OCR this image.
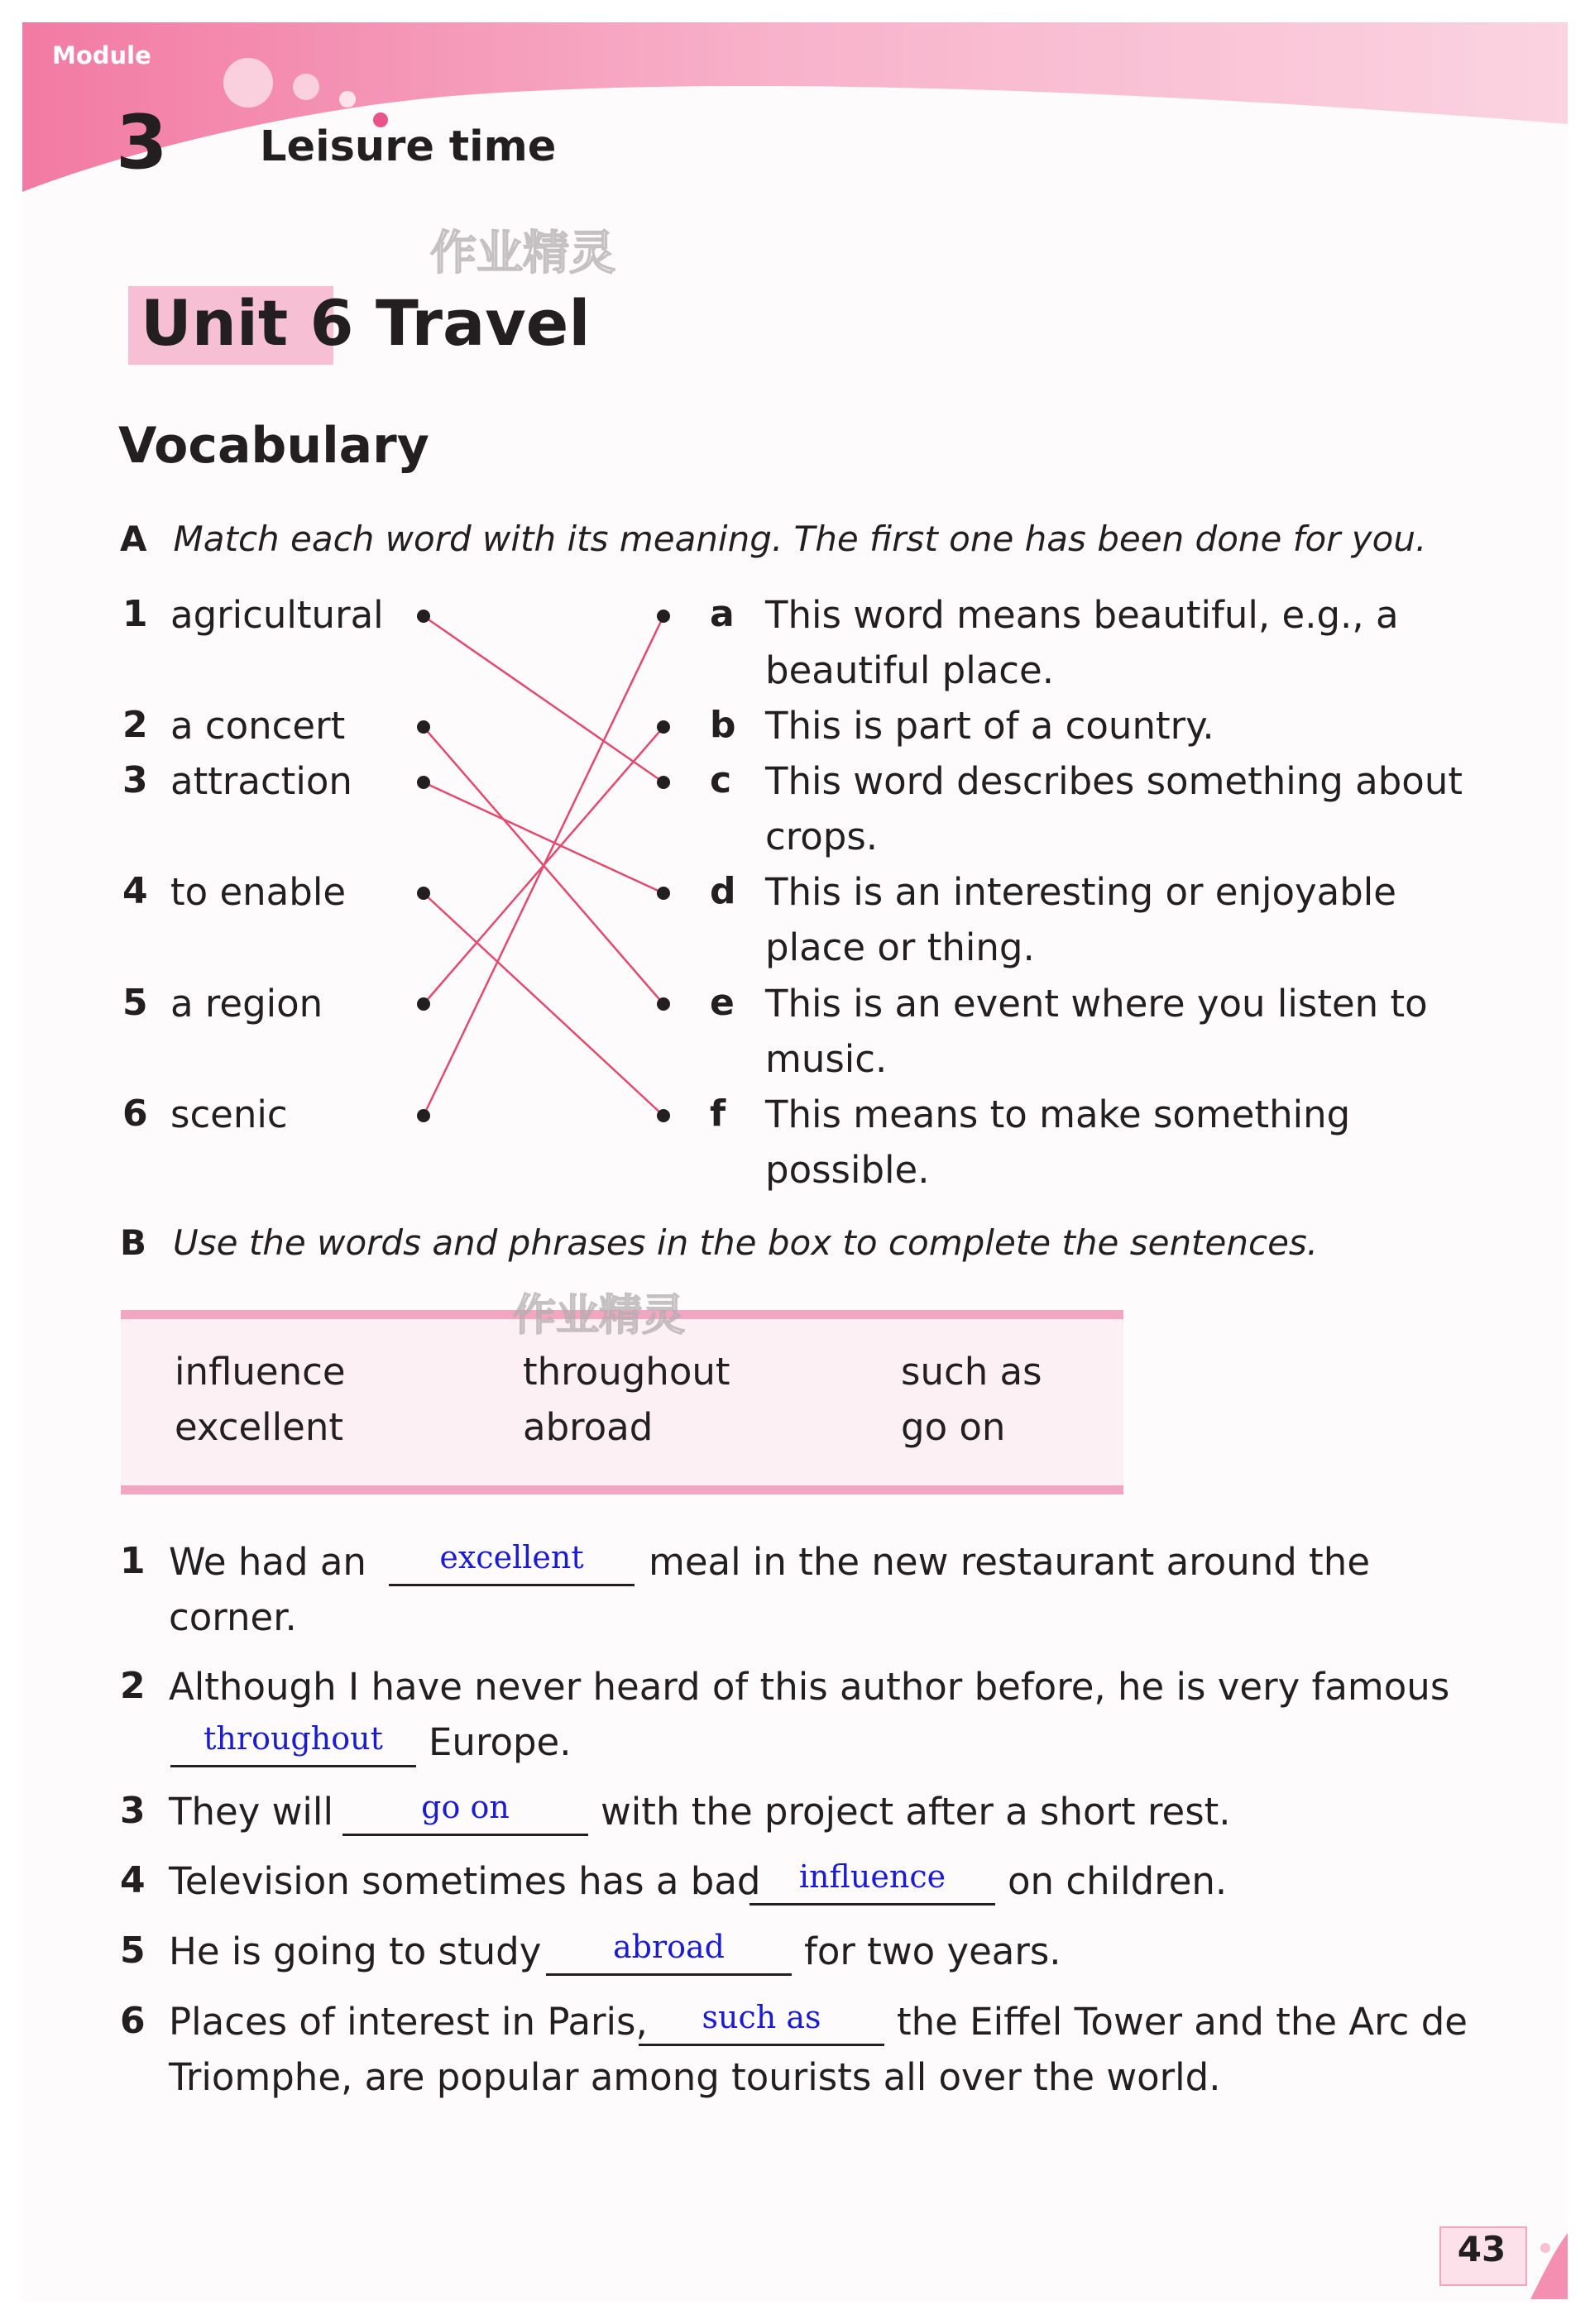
Module
3 Leisure time
作业精灵
Unit 6 Travel
Vocabulary
A Match each word with its meaning. The first one has been done for you.
1 agricultural
2 a concert
3 attraction
4 to enable
5 a region
6 scenic
a This word means beautiful, e.g., a
beautiful place.
b This is part of a country.
c This word describes something about
crops.
d This is an interesting or enjoyable
place or thing.
e This is an event where you listen to
music.
f This means to make something
possible.
B Use the words and phrases in the box to complete the sentences.
作业精灵
influence
excellent
throughout
abroad
such as
go on
1 We had an	excellent	meal in the new restaurant around the
corner.
2 Although I have never heard of this author before, he is very famous
throughout	Europe.
3 They will	go on	with the project after a short rest.
4 Television sometimes has a bad	influence	on children.
5 He is going to study	abroad	for two years.
6 Places of interest in Paris,	such as	the Eiffel Tower and the Arc de
Triomphe, are popular among tourists all over the world.
43
